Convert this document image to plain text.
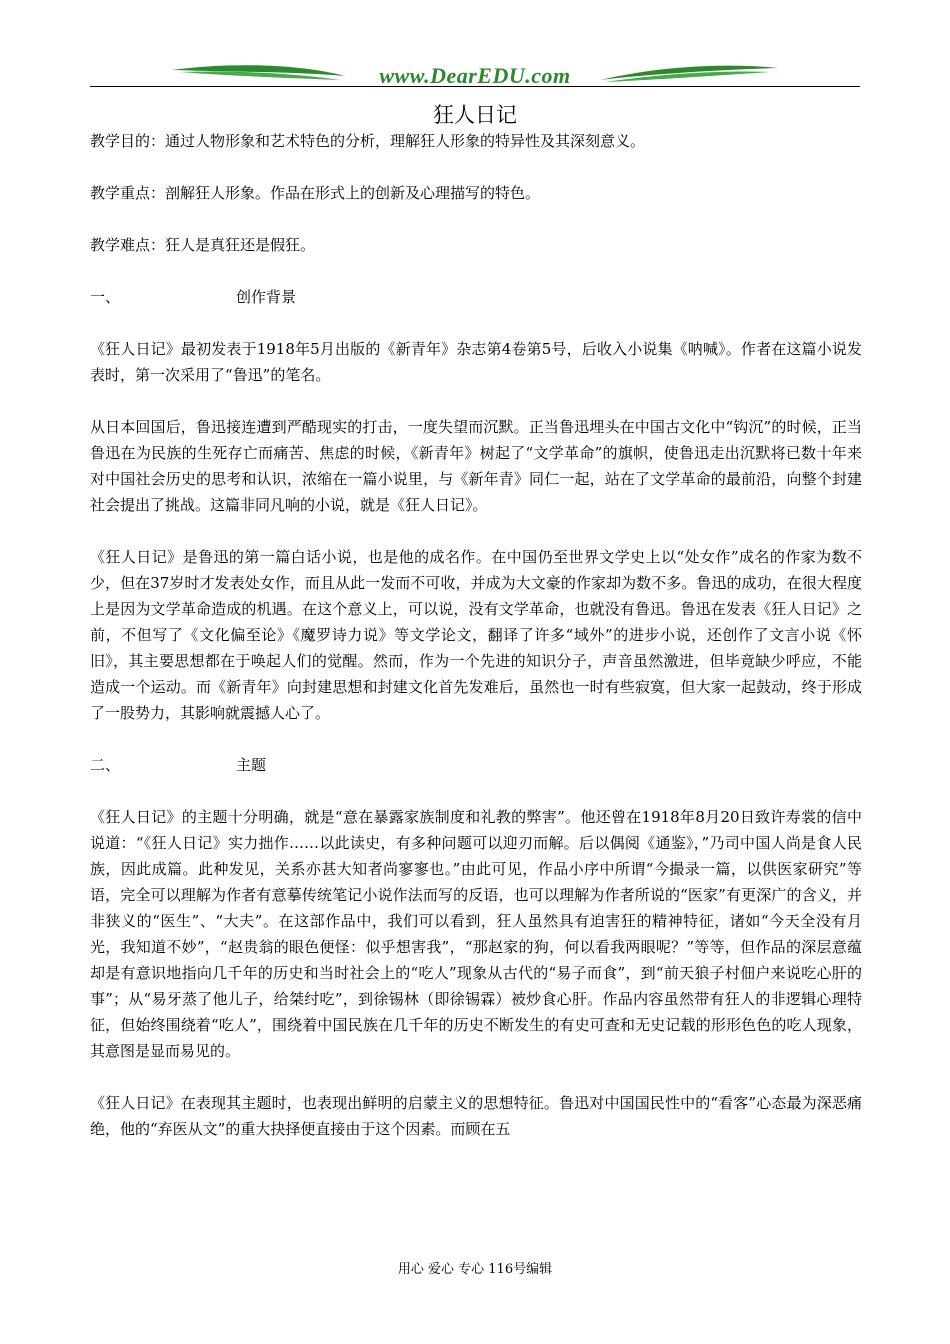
www.DearEDU.com
狂人日记

教学目的：通过人物形象和艺术特色的分析，理解狂人形象的特异性及其深刻意义。

教学重点：剖解狂人形象。作品在形式上的创新及心理描写的特色。

教学难点：狂人是真狂还是假狂。

一、	创作背景

《狂人日记》最初发表于1918年5月出版的《新青年》杂志第4卷第5号，后收入小说集《呐喊》。作者在这篇小说发表时，第一次采用了“鲁迅”的笔名。

从日本回国后，鲁迅接连遭到严酷现实的打击，一度失望而沉默。正当鲁迅埋头在中国古文化中“钩沉”的时候，正当鲁迅在为民族的生死存亡而痛苦、焦虑的时候，《新青年》树起了“文学革命”的旗帜，使鲁迅走出沉默将已数十年来对中国社会历史的思考和认识，浓缩在一篇小说里，与《新年青》同仁一起，站在了文学革命的最前沿，向整个封建社会提出了挑战。这篇非同凡响的小说，就是《狂人日记》。

《狂人日记》是鲁迅的第一篇白话小说，也是他的成名作。在中国仍至世界文学史上以“处女作”成名的作家为数不少，但在37岁时才发表处女作，而且从此一发而不可收，并成为大文豪的作家却为数不多。鲁迅的成功，在很大程度上是因为文学革命造成的机遇。在这个意义上，可以说，没有文学革命，也就没有鲁迅。鲁迅在发表《狂人日记》之前，不但写了《文化偏至论》《魔罗诗力说》等文学论文，翻译了许多“域外”的进步小说，还创作了文言小说《怀旧》，其主要思想都在于唤起人们的觉醒。然而，作为一个先进的知识分子，声音虽然激进，但毕竟缺少呼应，不能造成一个运动。而《新青年》向封建思想和封建文化首先发难后，虽然也一时有些寂寞，但大家一起鼓动，终于形成了一股势力，其影响就震撼人心了。

二、	主题

《狂人日记》的主题十分明确，就是“意在暴露家族制度和礼教的弊害”。他还曾在1918年8月20日致许寿裳的信中说道：“《狂人日记》实力拙作……以此读史，有多种问题可以迎刃而解。后以偶阅《通鉴》，”乃司中国人尚是食人民族，因此成篇。此种发见，关系亦甚大知者尚寥寥也。”由此可见，作品小序中所谓“今撮录一篇，以供医家研究”等语，完全可以理解为作者有意摹传统笔记小说作法而写的反语，也可以理解为作者所说的“医家”有更深广的含义，并非狭义的“医生”、“大夫”。在这部作品中，我们可以看到，狂人虽然具有迫害狂的精神特征，诸如“今天全没有月光，我知道不妙”，“赵贵翁的眼色便怪：似乎想害我”，“那赵家的狗，何以看我两眼呢？”等等，但作品的深层意蕴却是有意识地指向几千年的历史和当时社会上的“吃人”现象从古代的“易子而食”，到“前天狼子村佃户来说吃心肝的事”；从“易牙蒸了他儿子，给桀纣吃”，到徐锡林（即徐锡霖）被炒食心肝。作品内容虽然带有狂人的非逻辑心理特征，但始终围绕着“吃人”，围绕着中国民族在几千年的历史不断发生的有史可查和无史记载的形形色色的吃人现象，其意图是显而易见的。

《狂人日记》在表现其主题时，也表现出鲜明的启蒙主义的思想特征。鲁迅对中国国民性中的“看客”心态最为深恶痛绝，他的“弃医从文”的重大抉择便直接由于这个因素。而顾在五

用心 爱心 专心 116号编辑
